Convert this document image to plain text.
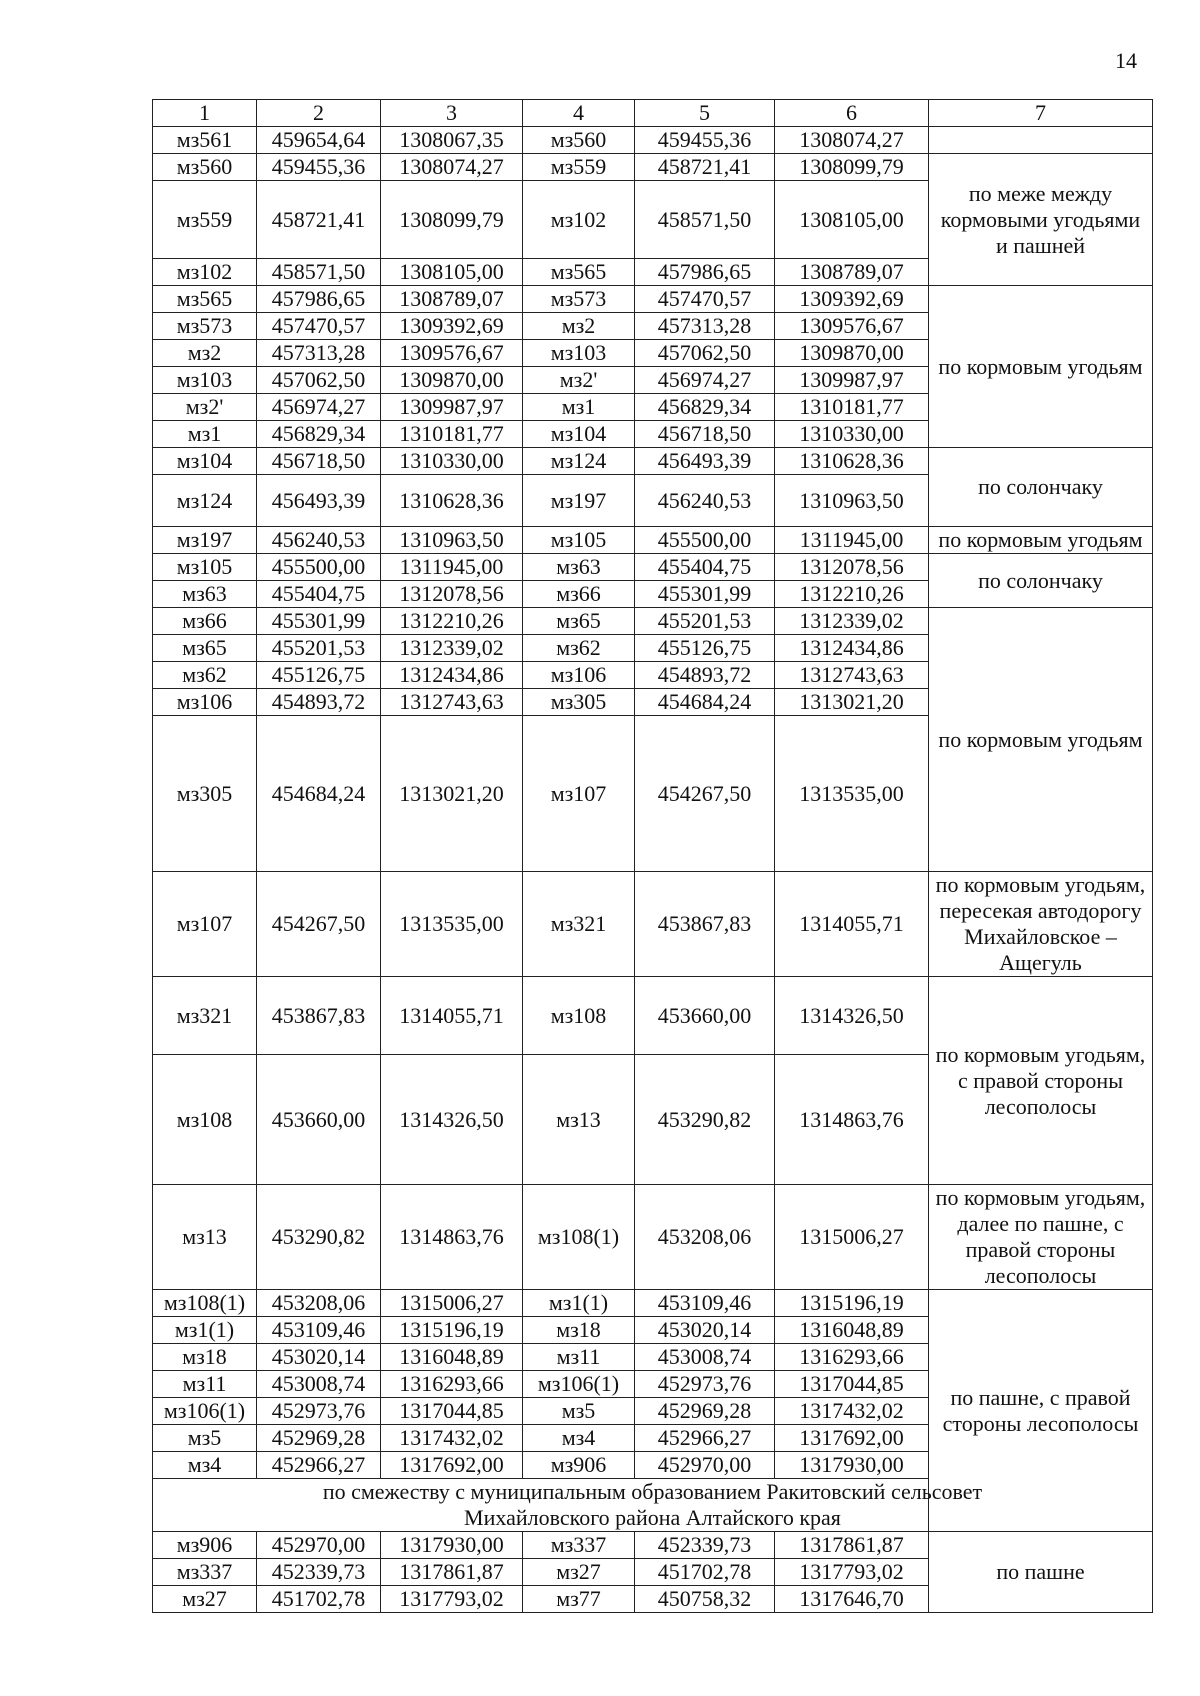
14
1	2	3	4	5	6	7
мз561	459654,64	1308067,35	мз560	459455,36	1308074,27	
мз560	459455,36	1308074,27	мз559	458721,41	1308099,79	по меже между кормовыми угодьями и пашней
мз559	458721,41	1308099,79	мз102	458571,50	1308105,00	
мз102	458571,50	1308105,00	мз565	457986,65	1308789,07	
мз565	457986,65	1308789,07	мз573	457470,57	1309392,69	по кормовым угодьям
мз573	457470,57	1309392,69	мз2	457313,28	1309576,67	
мз2	457313,28	1309576,67	мз103	457062,50	1309870,00	
мз103	457062,50	1309870,00	мз2'	456974,27	1309987,97	
мз2'	456974,27	1309987,97	мз1	456829,34	1310181,77	
мз1	456829,34	1310181,77	мз104	456718,50	1310330,00	
мз104	456718,50	1310330,00	мз124	456493,39	1310628,36	по солончаку
мз124	456493,39	1310628,36	мз197	456240,53	1310963,50	
мз197	456240,53	1310963,50	мз105	455500,00	1311945,00	по кормовым угодьям
мз105	455500,00	1311945,00	мз63	455404,75	1312078,56	по солончаку
мз63	455404,75	1312078,56	мз66	455301,99	1312210,26	
мз66	455301,99	1312210,26	мз65	455201,53	1312339,02	по кормовым угодьям
мз65	455201,53	1312339,02	мз62	455126,75	1312434,86	
мз62	455126,75	1312434,86	мз106	454893,72	1312743,63	
мз106	454893,72	1312743,63	мз305	454684,24	1313021,20	
мз305	454684,24	1313021,20	мз107	454267,50	1313535,00	
мз107	454267,50	1313535,00	мз321	453867,83	1314055,71	по кормовым угодьям, пересекая автодорогу Михайловское – Ащегуль
мз321	453867,83	1314055,71	мз108	453660,00	1314326,50	по кормовым угодьям, с правой стороны лесополосы
мз108	453660,00	1314326,50	мз13	453290,82	1314863,76	
мз13	453290,82	1314863,76	мз108(1)	453208,06	1315006,27	по кормовым угодьям, далее по пашне, с правой стороны лесополосы
мз108(1)	453208,06	1315006,27	мз1(1)	453109,46	1315196,19	по пашне, с правой стороны лесополосы
мз1(1)	453109,46	1315196,19	мз18	453020,14	1316048,89	
мз18	453020,14	1316048,89	мз11	453008,74	1316293,66	
мз11	453008,74	1316293,66	мз106(1)	452973,76	1317044,85	
мз106(1)	452973,76	1317044,85	мз5	452969,28	1317432,02	
мз5	452969,28	1317432,02	мз4	452966,27	1317692,00	
мз4	452966,27	1317692,00	мз906	452970,00	1317930,00	

по смежеству с муниципальным образованием Ракитовский сельсовет
Михайловского района Алтайского края						

мз906	452970,00	1317930,00	мз337	452339,73	1317861,87	по пашне
мз337	452339,73	1317861,87	мз27	451702,78	1317793,02	
мз27	451702,78	1317793,02	мз77	450758,32	1317646,70	
